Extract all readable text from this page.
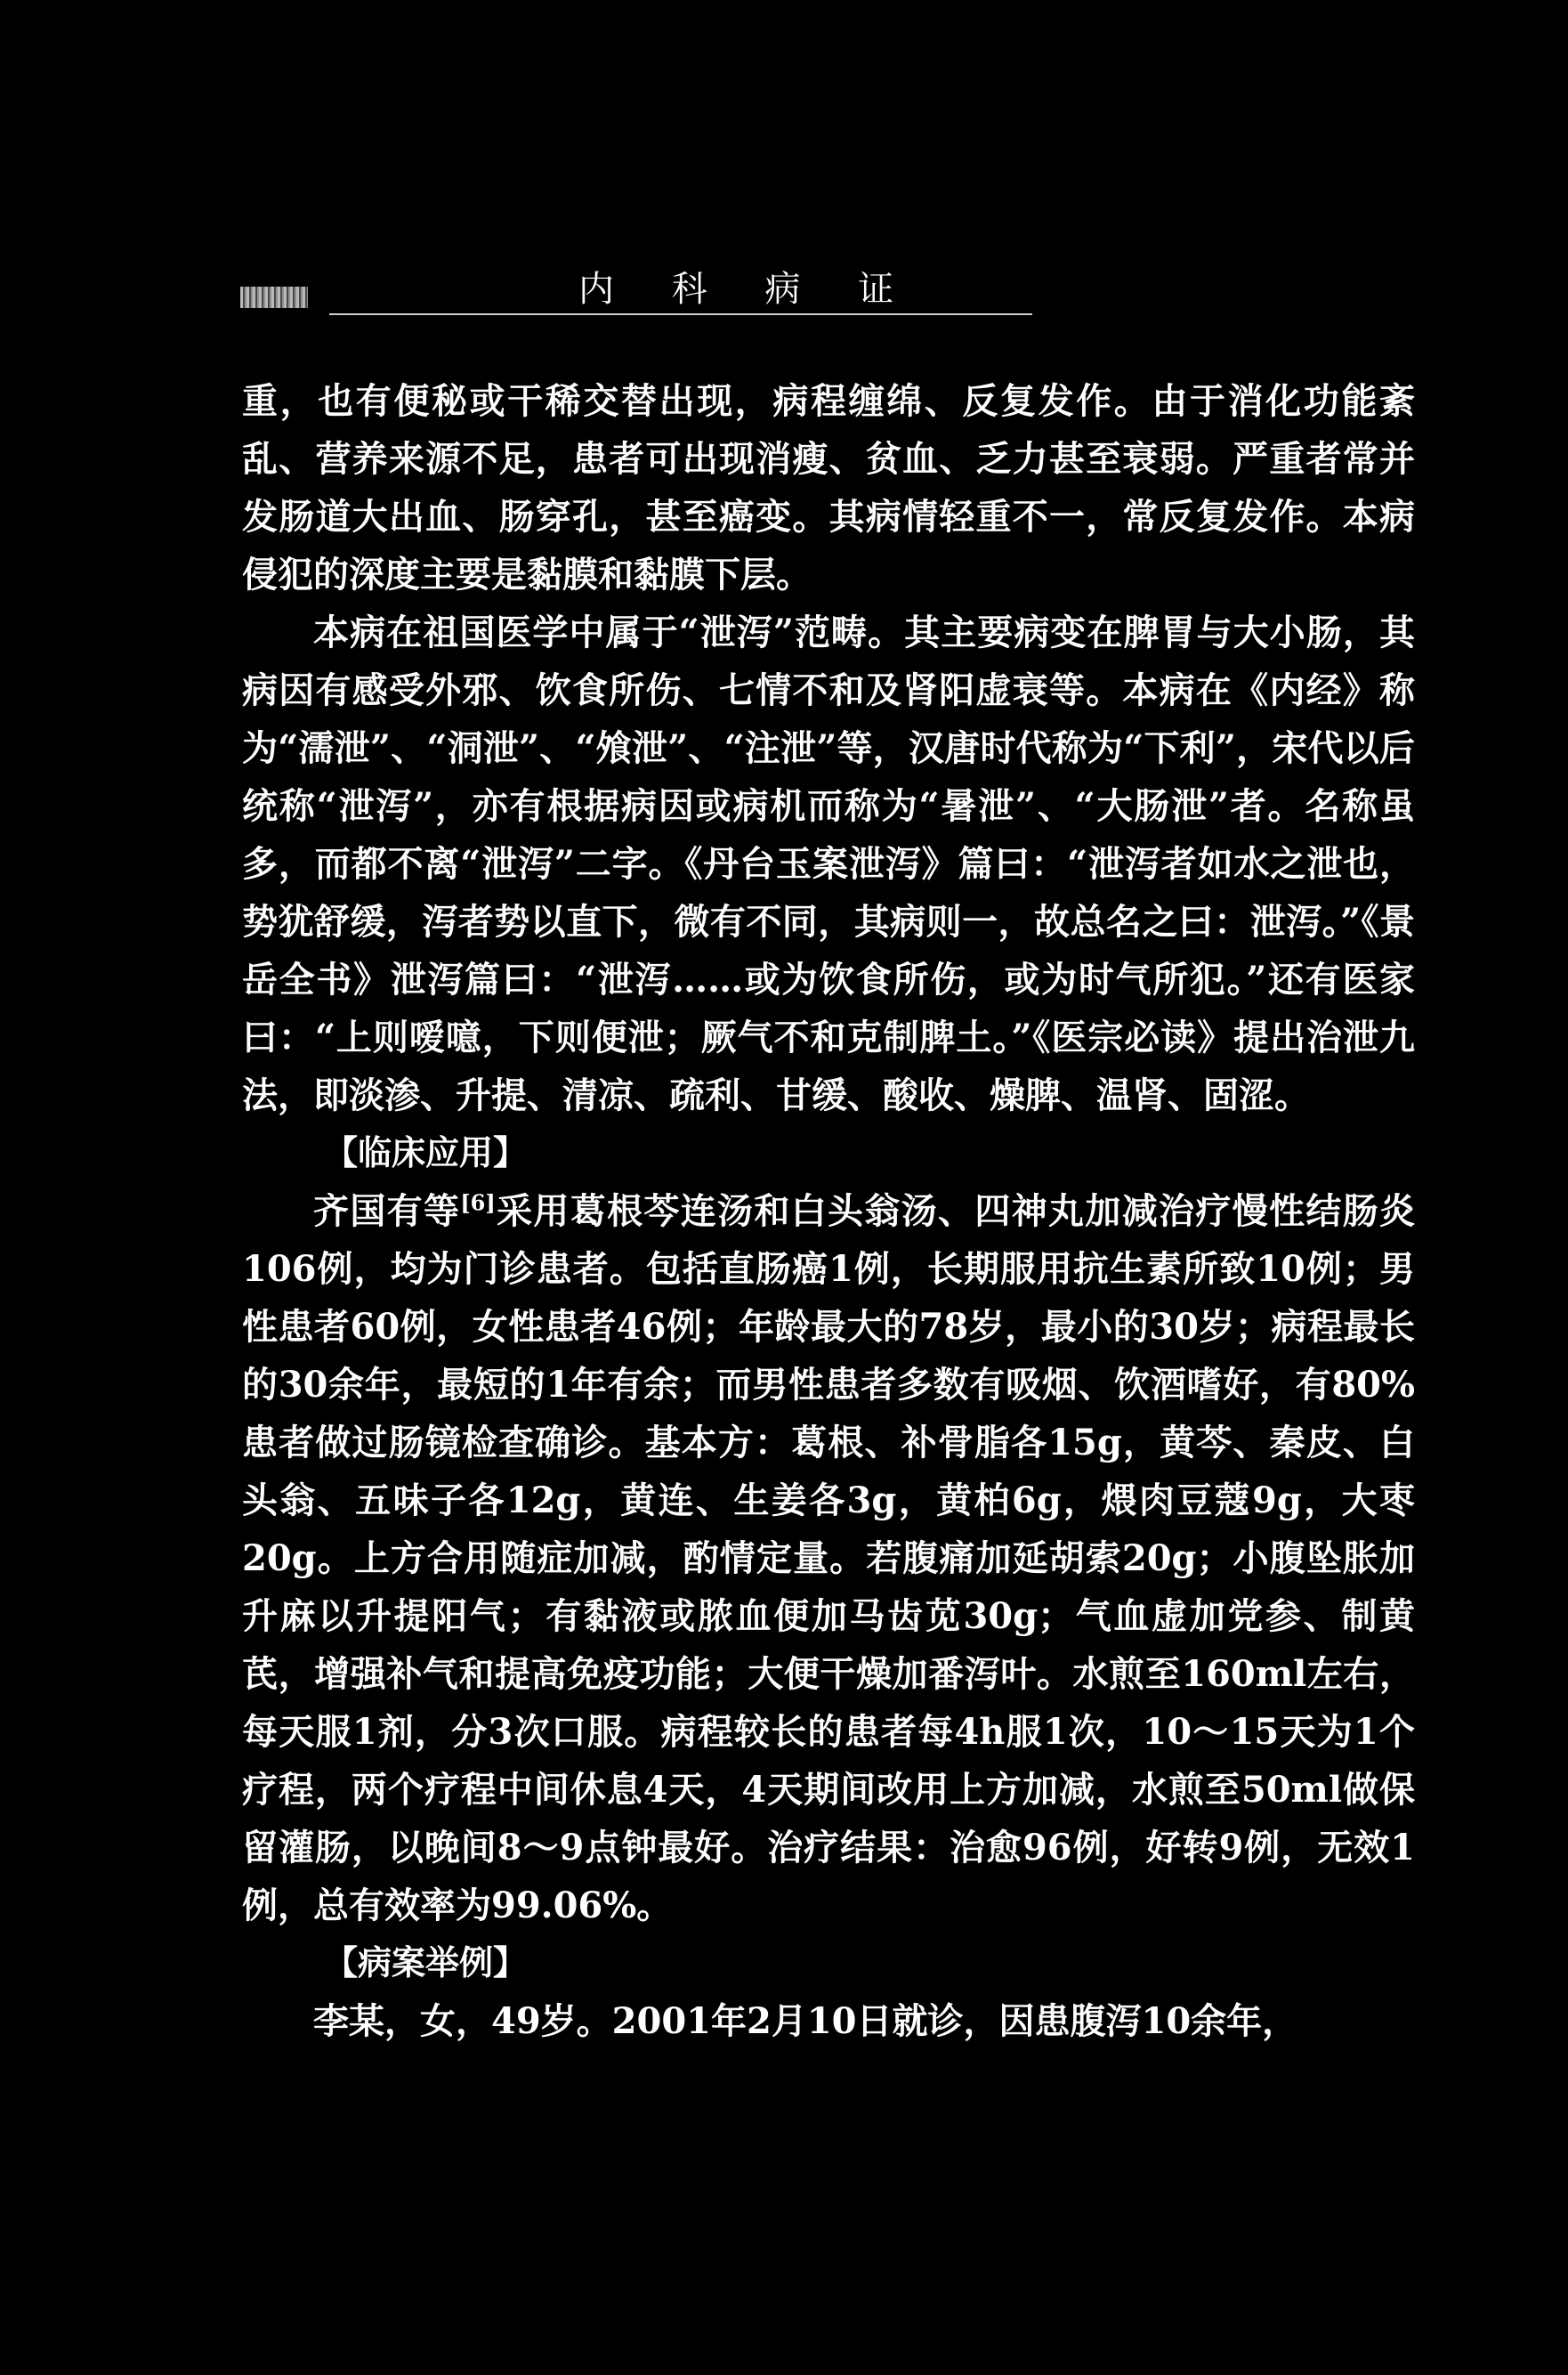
内 科 病 证

重，也有便秘或干稀交替出现，病程缠绵、反复发作。由于消化功能紊乱、营养来源不足，患者可出现消瘦、贫血、乏力甚至衰弱。严重者常并发肠道大出血、肠穿孔，甚至癌变。其病情轻重不一，常反复发作。本病侵犯的深度主要是黏膜和黏膜下层。

本病在祖国医学中属于“泄泻”范畴。其主要病变在脾胃与大小肠，其病因有感受外邪、饮食所伤、七情不和及肾阳虚衰等。本病在《内经》称为“濡泄”、“洞泄”、“飧泄”、“注泄”等，汉唐时代称为“下利”，宋代以后统称“泄泻”，亦有根据病因或病机而称为“暑泄”、“大肠泄”者。名称虽多，而都不离“泄泻”二字。《丹台玉案泄泻》篇曰：“泄泻者如水之泄也，势犹舒缓，泻者势以直下，微有不同，其病则一，故总名之曰：泄泻。”《景岳全书》泄泻篇曰：“泄泻……或为饮食所伤，或为时气所犯。”还有医家曰：“上则嗳噫，下则便泄；厥气不和克制脾土。”《医宗必读》提出治泄九法，即淡渗、升提、清凉、疏利、甘缓、酸收、燥脾、温肾、固涩。

【临床应用】

齐国有等[6]采用葛根芩连汤和白头翁汤、四神丸加减治疗慢性结肠炎106例，均为门诊患者。包括直肠癌1例，长期服用抗生素所致10例；男性患者60例，女性患者46例；年龄最大的78岁，最小的30岁；病程最长的30余年，最短的1年有余；而男性患者多数有吸烟、饮酒嗜好，有80%患者做过肠镜检查确诊。基本方：葛根、补骨脂各15g，黄芩、秦皮、白头翁、五味子各12g，黄连、生姜各3g，黄柏6g，煨肉豆蔻9g，大枣20g。上方合用随症加减，酌情定量。若腹痛加延胡索20g；小腹坠胀加升麻以升提阳气；有黏液或脓血便加马齿苋30g；气血虚加党参、制黄芪，增强补气和提高免疫功能；大便干燥加番泻叶。水煎至160ml左右，每天服1剂，分3次口服。病程较长的患者每4h服1次，10～15天为1个疗程，两个疗程中间休息4天，4天期间改用上方加减，水煎至50ml做保留灌肠，以晚间8～9点钟最好。治疗结果：治愈96例，好转9例，无效1例，总有效率为99.06%。

【病案举例】

李某，女，49岁。2001年2月10日就诊，因患腹泻10余年，
